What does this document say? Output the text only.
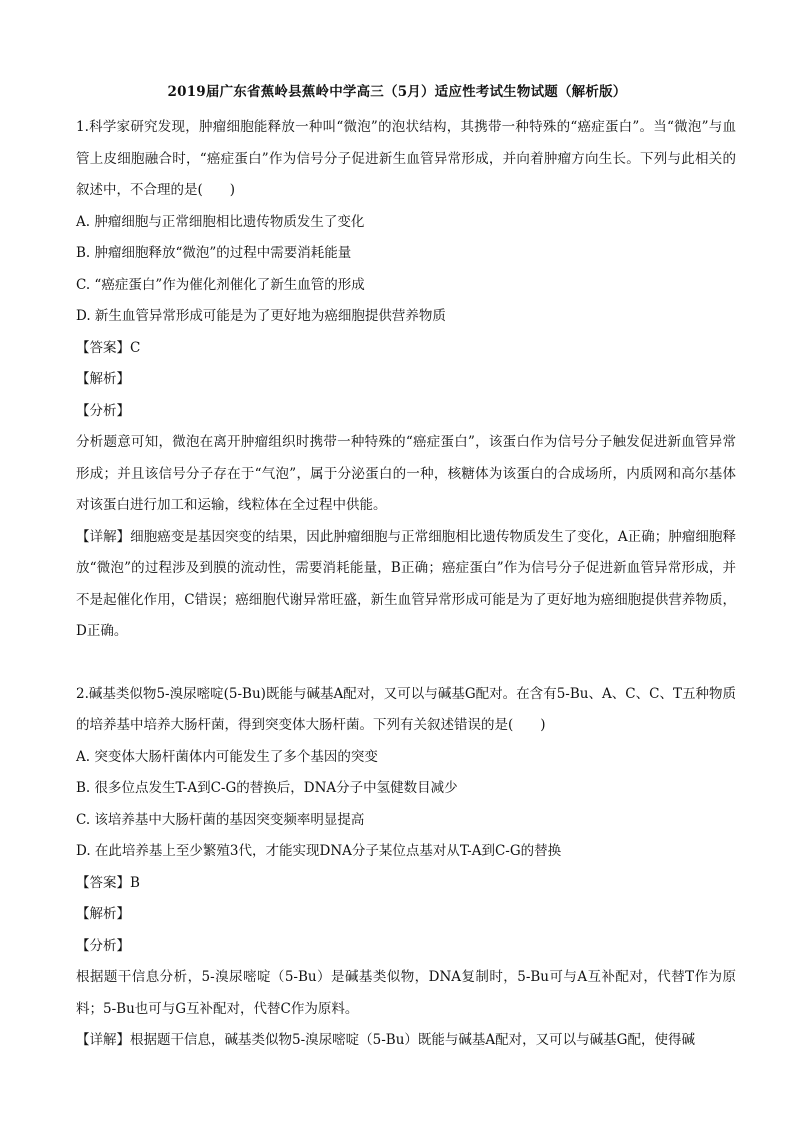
2019届广东省蕉岭县蕉岭中学高三（5月）适应性考试生物试题（解析版）

1.科学家研究发现，肿瘤细胞能释放一种叫“微泡”的泡状结构，其携带一种特殊的“癌症蛋白”。当“微泡”与血管上皮细胞融合时，“癌症蛋白”作为信号分子促进新生血管异常形成，并向着肿瘤方向生长。下列与此相关的叙述中，不合理的是(　　)

A. 肿瘤细胞与正常细胞相比遗传物质发生了变化

B. 肿瘤细胞释放“微泡”的过程中需要消耗能量

C. “癌症蛋白”作为催化剂催化了新生血管的形成

D. 新生血管异常形成可能是为了更好地为癌细胞提供营养物质

【答案】C

【解析】

【分析】

分析题意可知，微泡在离开肿瘤组织时携带一种特殊的“癌症蛋白”，该蛋白作为信号分子触发促进新血管异常形成；并且该信号分子存在于“气泡”，属于分泌蛋白的一种，核糖体为该蛋白的合成场所，内质网和高尔基体对该蛋白进行加工和运输，线粒体在全过程中供能。

【详解】细胞癌变是基因突变的结果，因此肿瘤细胞与正常细胞相比遗传物质发生了变化，A正确；肿瘤细胞释放“微泡”的过程涉及到膜的流动性，需要消耗能量，B正确；癌症蛋白”作为信号分子促进新血管异常形成，并不是起催化作用，C错误；癌细胞代谢异常旺盛，新生血管异常形成可能是为了更好地为癌细胞提供营养物质，D正确。

2.碱基类似物5-溴尿嘧啶(5-Bu)既能与碱基A配对，又可以与碱基G配对。在含有5-Bu、A、C、C、T五种物质的培养基中培养大肠杆菌，得到突变体大肠杆菌。下列有关叙述错误的是(　　)

A. 突变体大肠杆菌体内可能发生了多个基因的突变

B. 很多位点发生T-A到C-G的替换后，DNA分子中氢健数目减少

C. 该培养基中大肠杆菌的基因突变频率明显提高

D. 在此培养基上至少繁殖3代，才能实现DNA分子某位点基对从T-A到C-G的替换

【答案】B

【解析】

【分析】

根据题干信息分析，5-溴尿嘧啶（5-Bu）是碱基类似物，DNA复制时，5-Bu可与A互补配对，代替T作为原料；5-Bu也可与G互补配对，代替C作为原料。

【详解】根据题干信息，碱基类似物5-溴尿嘧啶（5-Bu）既能与碱基A配对，又可以与碱基G配，使得碱
